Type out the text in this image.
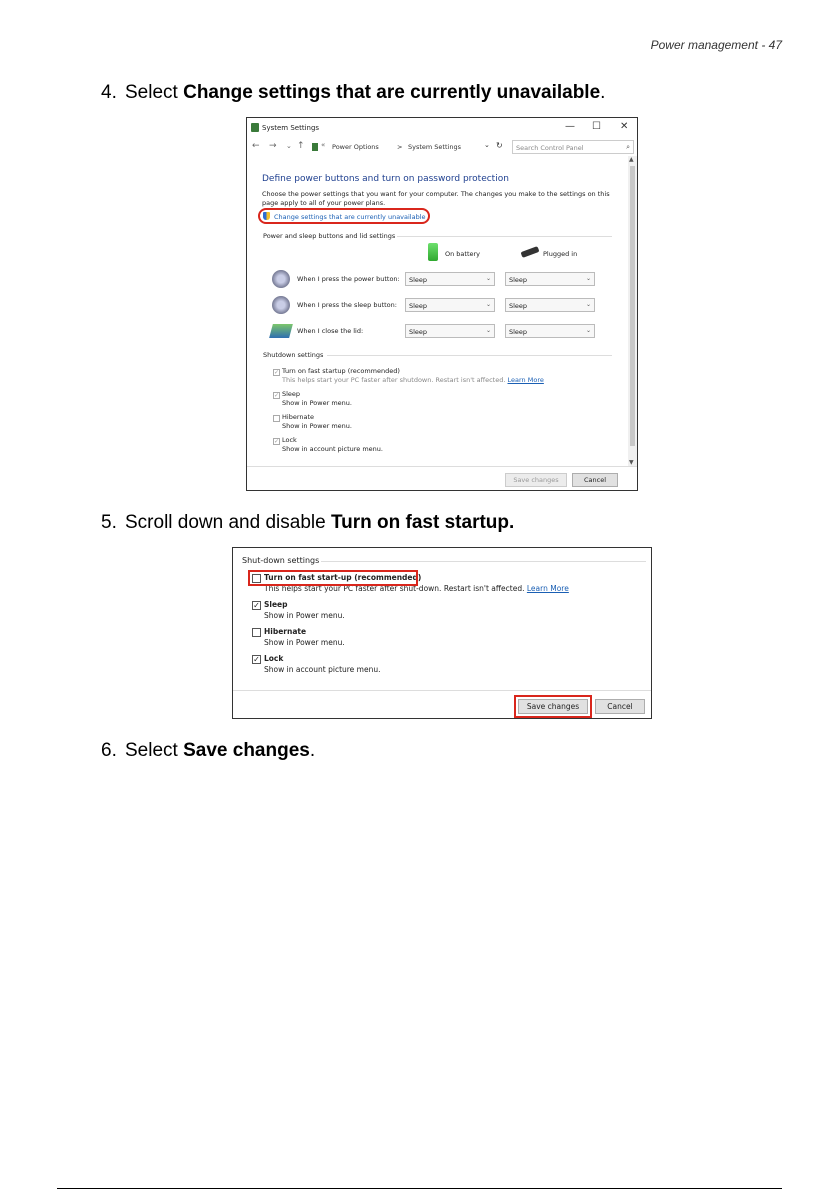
Power management - 47
4. Select Change settings that are currently unavailable.
System Settings	— ☐ ✕
← → ⌄ ↑ « Power Options	> System Settings	⌄ ↻	Search Control Panel	⌕
▲
▼
Define power buttons and turn on password protection
Choose the power settings that you want for your computer. The changes you make to the settings on this page apply to all of your power plans.
Change settings that are currently unavailable
Power and sleep buttons and lid settings
On battery	Plugged in
When I press the power button:	Sleep	⌄	Sleep	⌄
When I press the sleep button:	Sleep	⌄	Sleep	⌄
When I close the lid:	Sleep	⌄	Sleep	⌄
Shutdown settings
✓ Turn on fast startup (recommended)
This helps start your PC faster after shutdown. Restart isn't affected. Learn More
✓ Sleep
Show in Power menu.
Hibernate
Show in Power menu.
✓ Lock
Show in account picture menu.
Save changes	Cancel
5. Scroll down and disable Turn on fast startup.
Shut-down settings
Turn on fast start-up (recommended)
This helps start your PC faster after shut-down. Restart isn't affected. Learn More
✓ Sleep
Show in Power menu.
Hibernate
Show in Power menu.
✓ Lock
Show in account picture menu.
Save changes	Cancel
6. Select Save changes.
